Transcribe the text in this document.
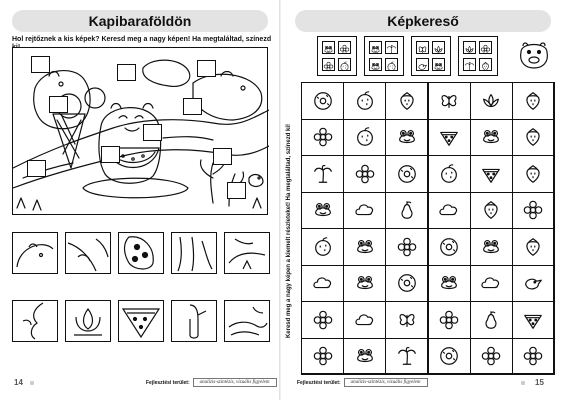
Kapibaraföldön
Hol rejtőznek a kis képek? Keresd meg a nagy képen! Ha megtaláltad, színezd
14	Fejlesztési terület:	analízis-szintézis, vizuális figyelem
Képkereső
Keresd meg a nagy képen a kiemelt részleteket! Ha megtaláltad, színezd ki!
15
Fejlesztési terület:	analízis-szintézis, vizuális figyelem
